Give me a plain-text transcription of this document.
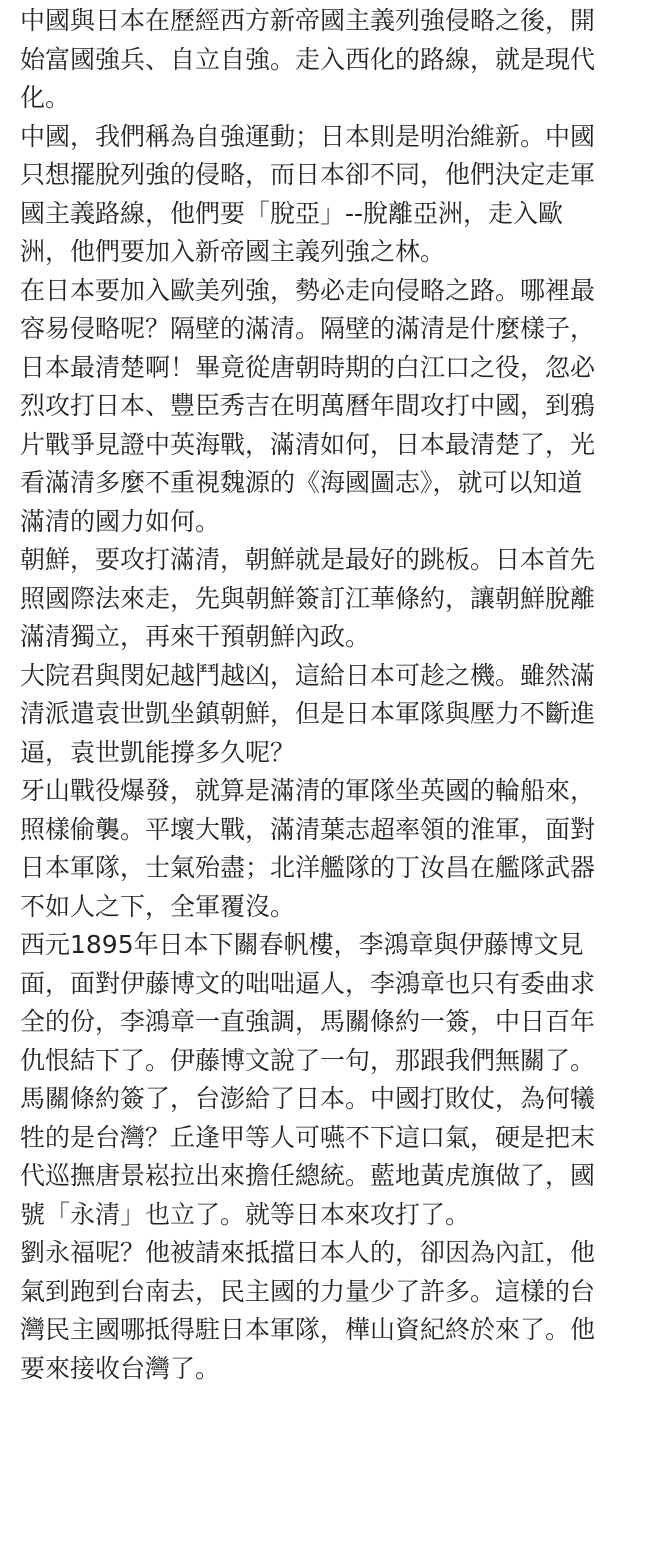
中國與日本在歷經西方新帝國主義列強侵略之後，開
始富國強兵、自立自強。走入西化的路線，就是現代
化。
中國，我們稱為自強運動；日本則是明治維新。中國
只想擺脫列強的侵略，而日本卻不同，他們決定走軍
國主義路線，他們要「脫亞」--脫離亞洲，走入歐
洲，他們要加入新帝國主義列強之林。
在日本要加入歐美列強，勢必走向侵略之路。哪裡最
容易侵略呢？隔壁的滿清。隔壁的滿清是什麼樣子，
日本最清楚啊！畢竟從唐朝時期的白江口之役，忽必
烈攻打日本、豐臣秀吉在明萬曆年間攻打中國，到鴉
片戰爭見證中英海戰，滿清如何，日本最清楚了，光
看滿清多麼不重視魏源的《海國圖志》，就可以知道
滿清的國力如何。
朝鮮，要攻打滿清，朝鮮就是最好的跳板。日本首先
照國際法來走，先與朝鮮簽訂江華條約，讓朝鮮脫離
滿清獨立，再來干預朝鮮內政。
大院君與閔妃越鬥越凶，這給日本可趁之機。雖然滿
清派遣袁世凱坐鎮朝鮮，但是日本軍隊與壓力不斷進
逼，袁世凱能撐多久呢？
牙山戰役爆發，就算是滿清的軍隊坐英國的輪船來，
照樣偷襲。平壞大戰，滿清葉志超率領的淮軍，面對
日本軍隊，士氣殆盡；北洋艦隊的丁汝昌在艦隊武器
不如人之下，全軍覆沒。
西元1895年日本下關春帆樓，李鴻章與伊藤博文見
面，面對伊藤博文的咄咄逼人，李鴻章也只有委曲求
全的份，李鴻章一直強調，馬關條約一簽，中日百年
仇恨結下了。伊藤博文說了一句，那跟我們無關了。
馬關條約簽了，台澎給了日本。中國打敗仗，為何犧
牲的是台灣？丘逢甲等人可嚥不下這口氣，硬是把末
代巡撫唐景崧拉出來擔任總統。藍地黃虎旗做了，國
號「永清」也立了。就等日本來攻打了。
劉永福呢？他被請來抵擋日本人的，卻因為內訌，他
氣到跑到台南去，民主國的力量少了許多。這樣的台
灣民主國哪抵得駐日本軍隊，樺山資紀終於來了。他
要來接收台灣了。
